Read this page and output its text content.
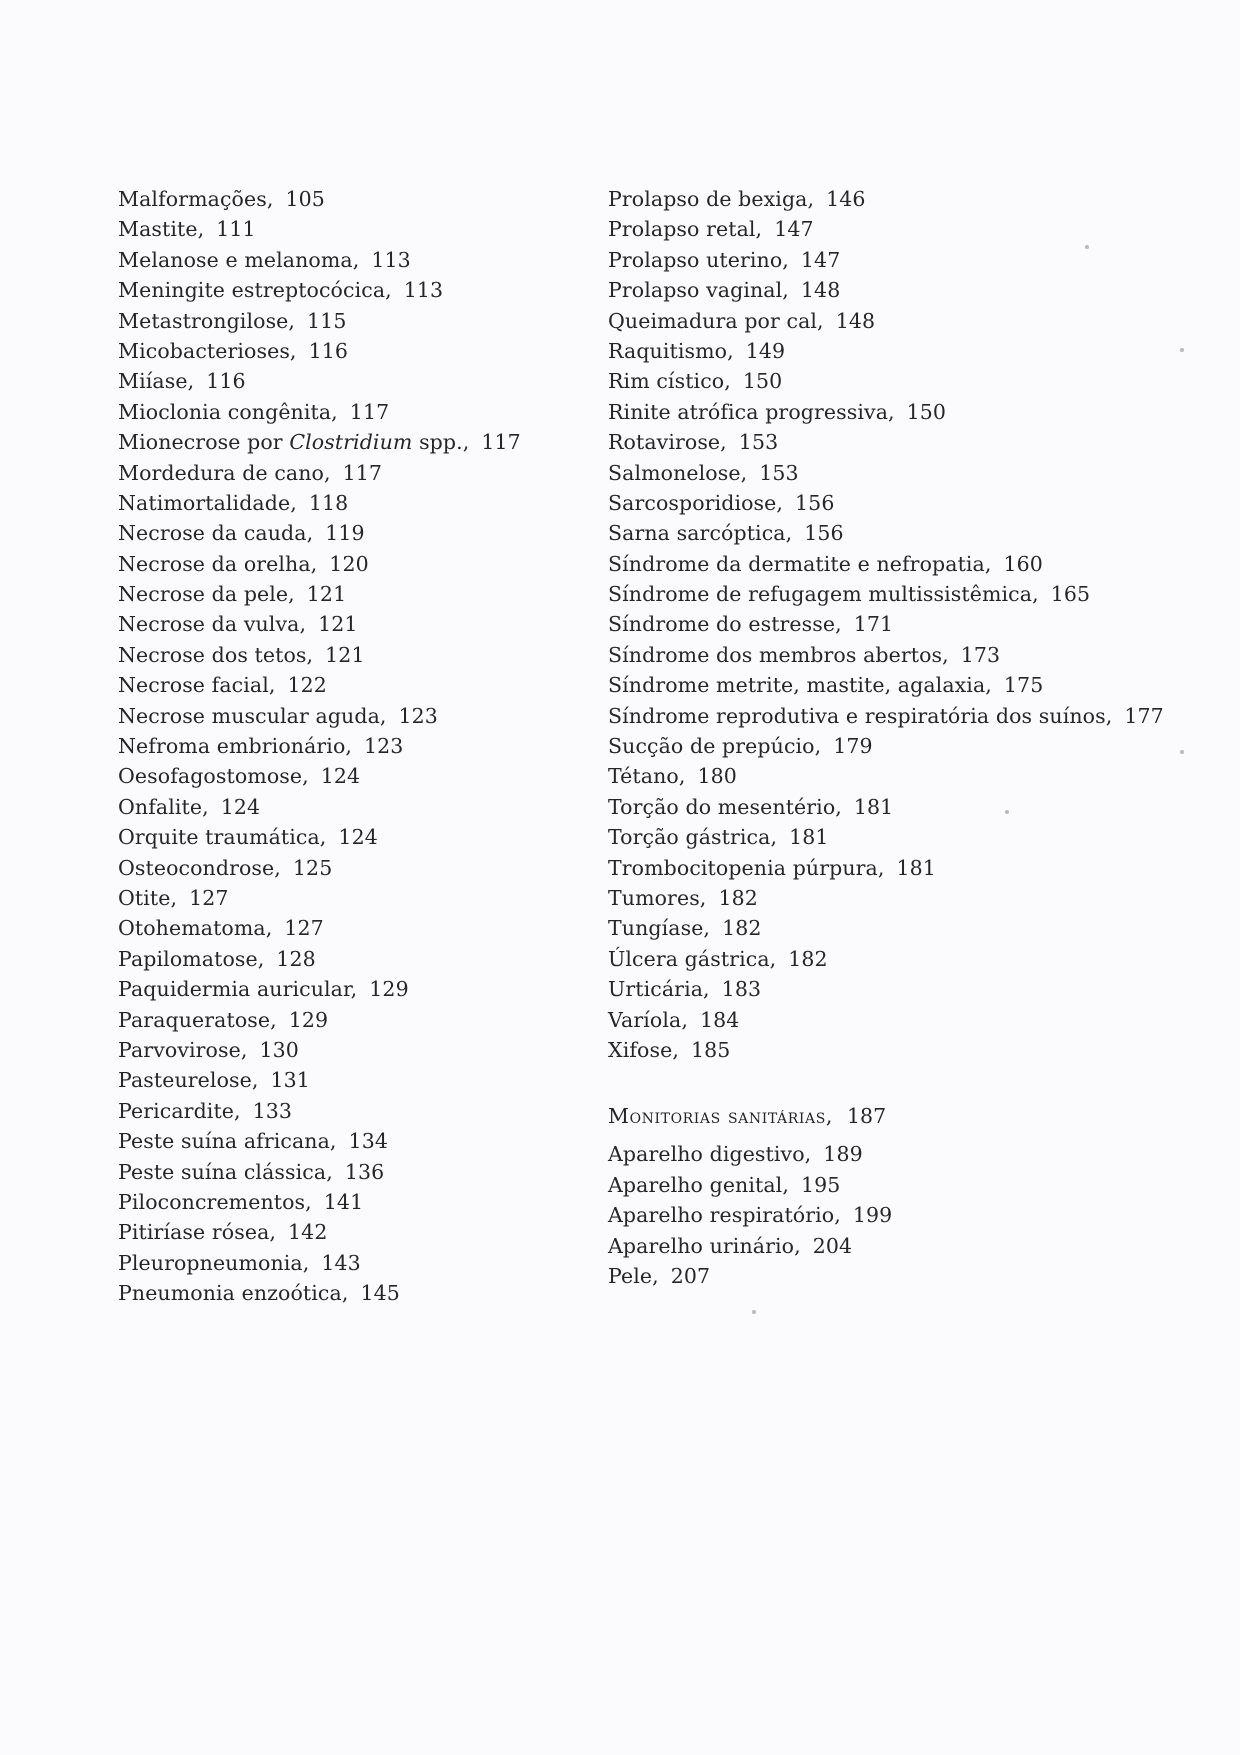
Malformações, 105
Mastite, 111
Melanose e melanoma, 113
Meningite estreptocócica, 113
Metastrongilose, 115
Micobacterioses, 116
Miíase, 116
Mioclonia congênita, 117
Mionecrose por Clostridium spp., 117
Mordedura de cano, 117
Natimortalidade, 118
Necrose da cauda, 119
Necrose da orelha, 120
Necrose da pele, 121
Necrose da vulva, 121
Necrose dos tetos, 121
Necrose facial, 122
Necrose muscular aguda, 123
Nefroma embrionário, 123
Oesofagostomose, 124
Onfalite, 124
Orquite traumática, 124
Osteocondrose, 125
Otite, 127
Otohematoma, 127
Papilomatose, 128
Paquidermia auricular, 129
Paraqueratose, 129
Parvovirose, 130
Pasteurelose, 131
Pericardite, 133
Peste suína africana, 134
Peste suína clássica, 136
Piloconcrementos, 141
Pitiríase rósea, 142
Pleuropneumonia, 143
Pneumonia enzoótica, 145
Prolapso de bexiga, 146
Prolapso retal, 147
Prolapso uterino, 147
Prolapso vaginal, 148
Queimadura por cal, 148
Raquitismo, 149
Rim cístico, 150
Rinite atrófica progressiva, 150
Rotavirose, 153
Salmonelose, 153
Sarcosporidiose, 156
Sarna sarcóptica, 156
Síndrome da dermatite e nefropatia, 160
Síndrome de refugagem multissistêmica, 165
Síndrome do estresse, 171
Síndrome dos membros abertos, 173
Síndrome metrite, mastite, agalaxia, 175
Síndrome reprodutiva e respiratória dos suínos, 177
Sucção de prepúcio, 179
Tétano, 180
Torção do mesentério, 181
Torção gástrica, 181
Trombocitopenia púrpura, 181
Tumores, 182
Tungíase, 182
Úlcera gástrica, 182
Urticária, 183
Varíola, 184
Xifose, 185
Monitorias sanitárias, 187
Aparelho digestivo, 189
Aparelho genital, 195
Aparelho respiratório, 199
Aparelho urinário, 204
Pele, 207
